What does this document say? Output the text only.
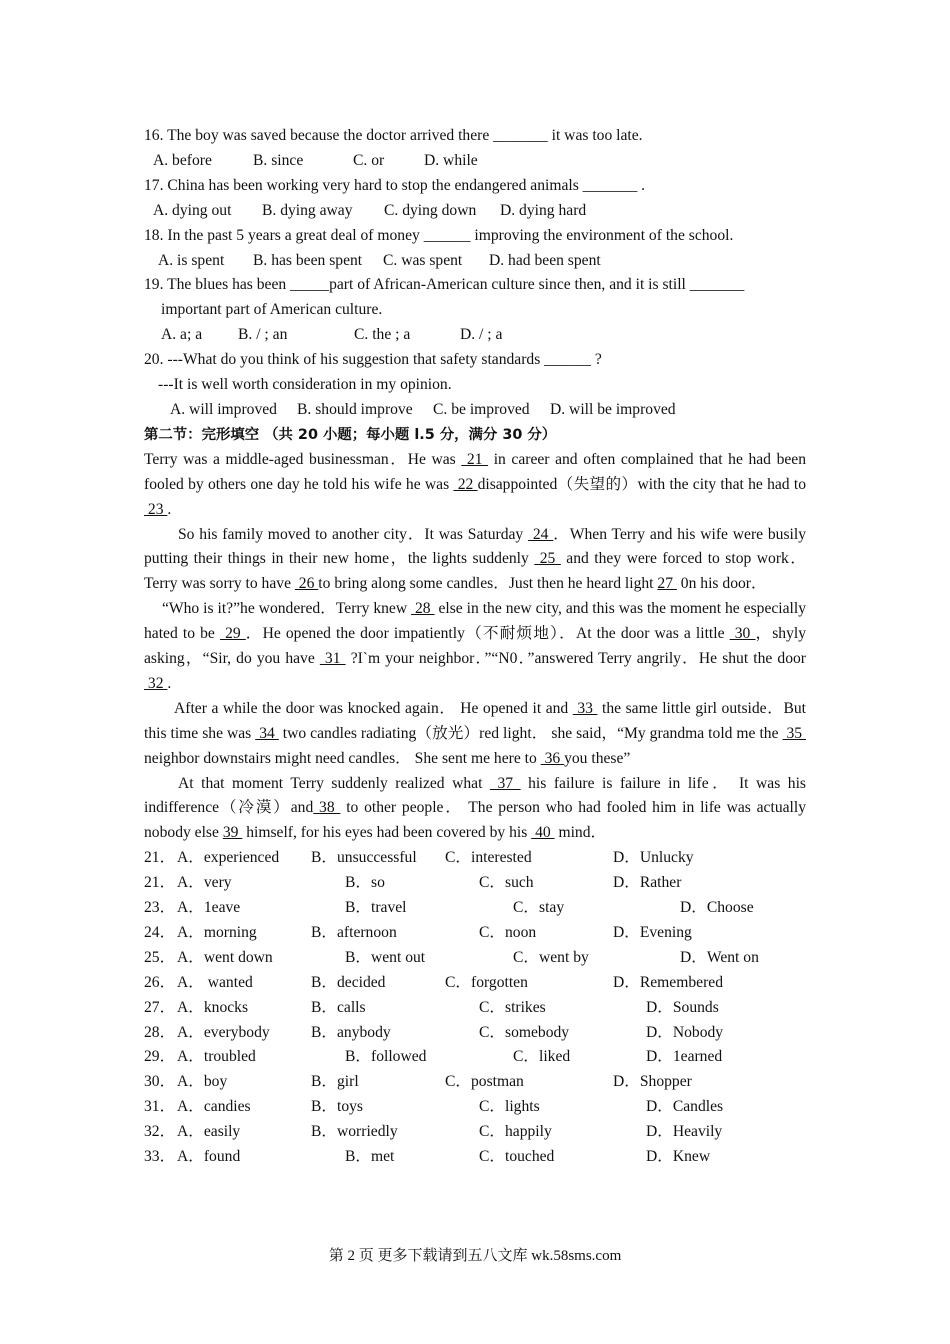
16. The boy was saved because the doctor arrived there _______ it was too late.
A. before	B. since	C. or	D. while
17. China has been working very hard to stop the endangered animals _______ .
A. dying out B. dying away C. dying down D. dying hard
18. In the past 5 years a great deal of money ______ improving the environment of the school.
A. is spent B. has been spent C. was spent D. had been spent
19. The blues has been _____part of African-American culture since then, and it is still _______
important part of American culture.
A. a; a B. / ; an	C. the ; a	D. / ; a
20. ---What do you think of his suggestion that safety standards ______ ?
---It is well worth consideration in my opinion.
A. will improved B. should improve C. be improved D. will be improved
第二节：完形填空 （共 20 小题；每小题 l.5 分，满分 30 分）
Terry was a middle-aged businessman．He was  21  in career and often complained that he had been fooled by others one day he told his wife he was  22 disappointed（失望的）with the city that he had to  23 .
So his family moved to another city．It was Saturday  24 ．When Terry and his wife were busily putting their things in their new home，the lights suddenly  25  and they were forced to stop work．Terry was sorry to have  26 to bring along some candles．Just then he heard light 27  0n his door．
“Who is it?”he wondered．Terry knew  28  else in the new city, and this was the moment he especially hated to be  29 ．He opened the door impatiently（不耐烦地）．At the door was a little  30 ，shyly asking，“Sir, do you have  31  ?I`m your neighbor．”“N0．”answered Terry angrily．He shut the door  32 .
After a while the door was knocked again． He opened it and  33  the same little girl outside．But this time she was  34  two candles radiating（放光）red light． she said，“My grandma told me the  35  neighbor downstairs might need candles． She sent me here to  36 you these”
At that moment Terry suddenly realized what  37  his failure is failure in life． It was his indifference（冷漠）and 38  to other people． The person who had fooled him in life was actually nobody else 39  himself, for his eyes had been covered by his  40  mind．
21． A．experienced B．unsuccessful C．interested	D．Unlucky
21． A．very	B．so	C．such	D．Rather
23． A．1eave	B．travel	C．stay	D．Choose
24． A．morning	B．afternoon	C．noon	D．Evening
25． A．went down	B．went out	C．went by	D．Went on
26． A． wanted	B．decided	C．forgotten	D．Remembered
27． A．knocks	B．calls	C．strikes	D．Sounds
28． A．everybody	B．anybody	C．somebody	D．Nobody
29． A．troubled	B．followed	C．liked	D．1earned
30． A．boy	B．girl	C．postman	D．Shopper
31． A．candies	B．toys	C．lights	D．Candles
32． A．easily	B．worriedly	C．happily	D．Heavily
33． A．found	B．met	C．touched	D．Knew
第 2 页 更多下载请到五八文库 wk.58sms.com
